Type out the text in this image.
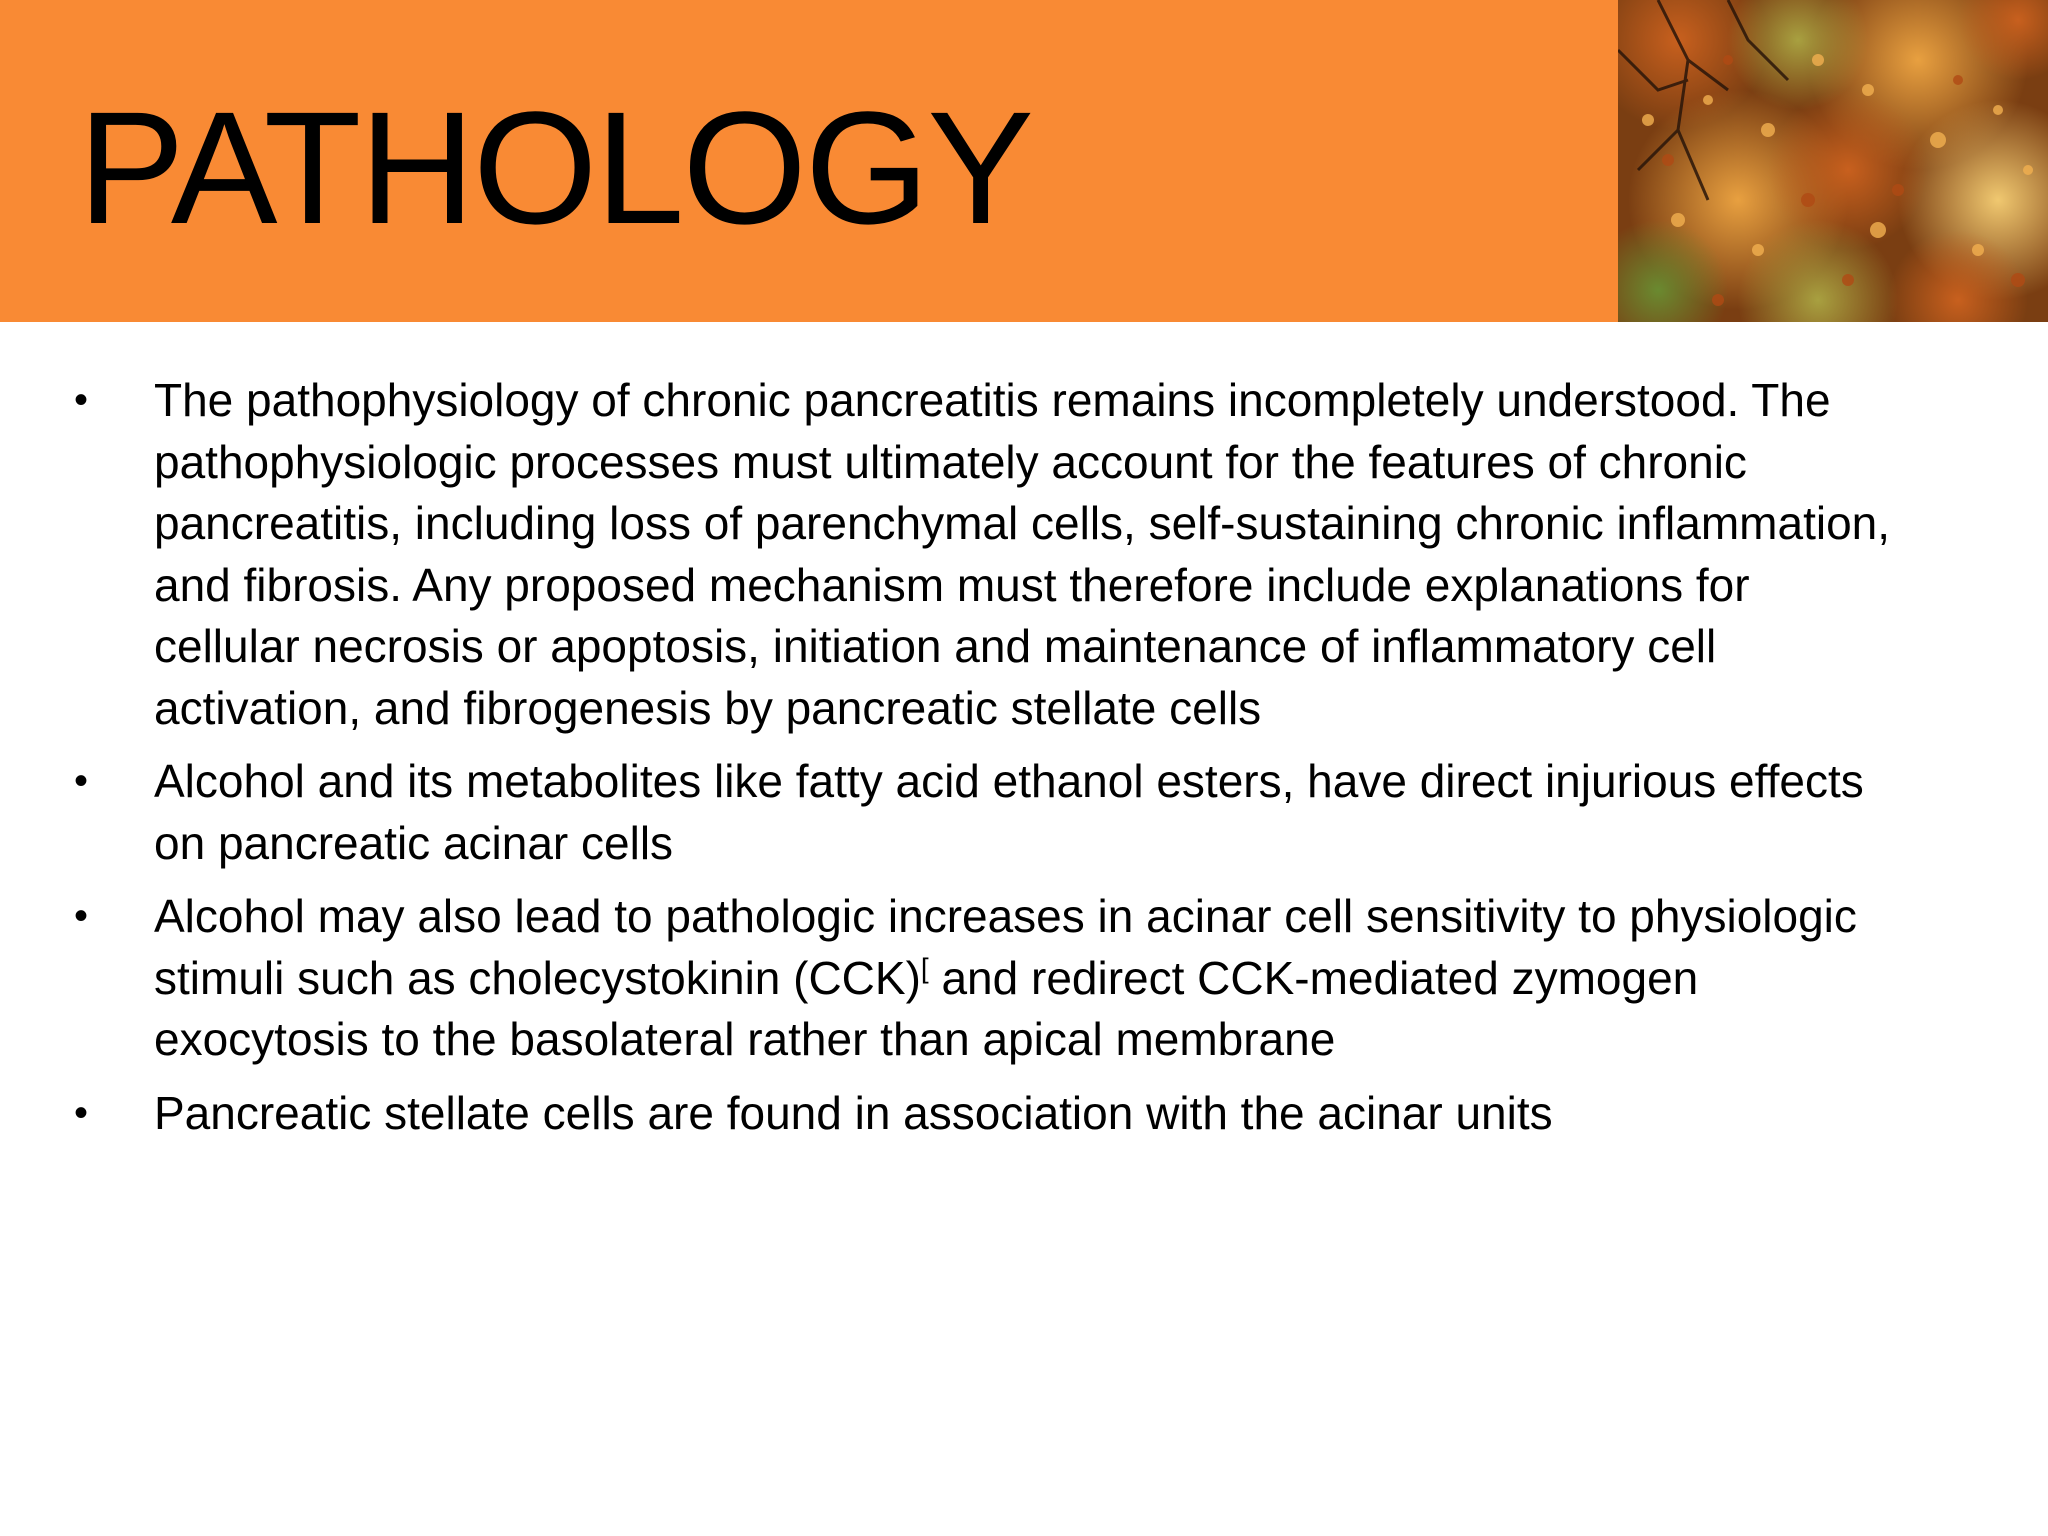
PATHOLOGY
• The pathophysiology of chronic pancreatitis remains incompletely understood. The pathophysiologic processes must ultimately account for the features of chronic pancreatitis, including loss of parenchymal cells, self-sustaining chronic inflammation, and fibrosis. Any proposed mechanism must therefore include explanations for cellular necrosis or apoptosis, initiation and maintenance of inflammatory cell activation, and fibrogenesis by pancreatic stellate cells
• Alcohol and its metabolites like fatty acid ethanol esters, have direct injurious effects on pancreatic acinar cells
• Alcohol may also lead to pathologic increases in acinar cell sensitivity to physiologic stimuli such as cholecystokinin (CCK)[ and redirect CCK-mediated zymogen exocytosis to the basolateral rather than apical membrane
• Pancreatic stellate cells are found in association with the acinar units
